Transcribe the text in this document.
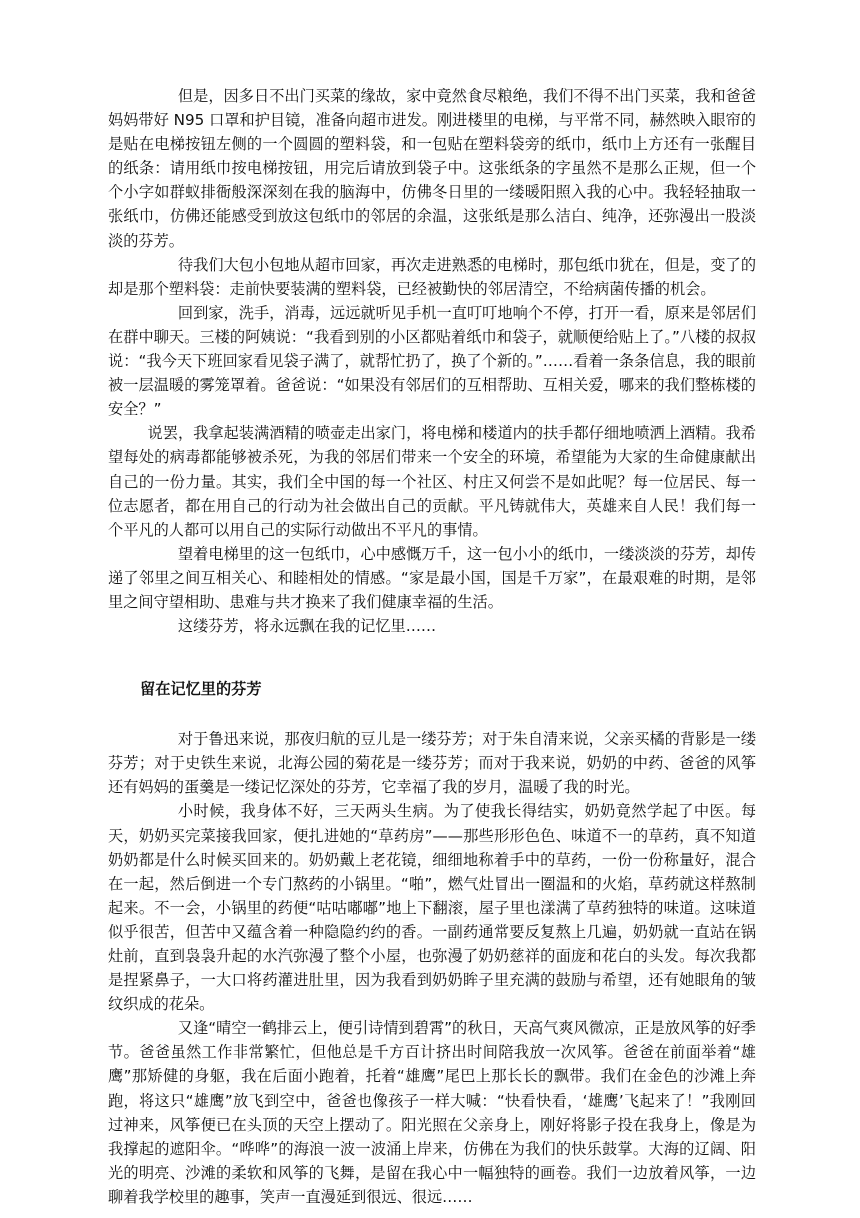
但是，因多日不出门买菜的缘故，家中竟然食尽粮绝，我们不得不出门买菜，我和爸爸妈妈带好 N95 口罩和护目镜，准备向超市进发。刚进楼里的电梯，与平常不同，赫然映入眼帘的是贴在电梯按钮左侧的一个圆圆的塑料袋，和一包贴在塑料袋旁的纸巾，纸巾上方还有一张醒目的纸条：请用纸巾按电梯按钮，用完后请放到袋子中。这张纸条的字虽然不是那么正规，但一个个小字如群蚁排衙般深深刻在我的脑海中，仿佛冬日里的一缕暖阳照入我的心中。我轻轻抽取一张纸巾，仿佛还能感受到放这包纸巾的邻居的余温，这张纸是那么洁白、纯净，还弥漫出一股淡淡的芬芳。

待我们大包小包地从超市回家，再次走进熟悉的电梯时，那包纸巾犹在，但是，变了的却是那个塑料袋：走前快要装满的塑料袋，已经被勤快的邻居清空，不给病菌传播的机会。

回到家，洗手，消毒，远远就听见手机一直叮叮地响个不停，打开一看，原来是邻居们在群中聊天。三楼的阿姨说：“我看到别的小区都贴着纸巾和袋子，就顺便给贴上了。”八楼的叔叔说：“我今天下班回家看见袋子满了，就帮忙扔了，换了个新的。”……看着一条条信息，我的眼前被一层温暖的雾笼罩着。爸爸说：“如果没有邻居们的互相帮助、互相关爱，哪来的我们整栋楼的安全？”

说罢，我拿起装满酒精的喷壶走出家门，将电梯和楼道内的扶手都仔细地喷洒上酒精。我希望每处的病毒都能够被杀死，为我的邻居们带来一个安全的环境，希望能为大家的生命健康献出自己的一份力量。其实，我们全中国的每一个社区、村庄又何尝不是如此呢？每一位居民、每一位志愿者，都在用自己的行动为社会做出自己的贡献。平凡铸就伟大，英雄来自人民！我们每一个平凡的人都可以用自己的实际行动做出不平凡的事情。

望着电梯里的这一包纸巾，心中感慨万千，这一包小小的纸巾，一缕淡淡的芬芳，却传递了邻里之间互相关心、和睦相处的情感。“家是最小国，国是千万家”，在最艰难的时期，是邻里之间守望相助、患难与共才换来了我们健康幸福的生活。

这缕芬芳，将永远飘在我的记忆里……

留在记忆里的芬芳

对于鲁迅来说，那夜归航的豆儿是一缕芬芳；对于朱自清来说，父亲买橘的背影是一缕芬芳；对于史铁生来说，北海公园的菊花是一缕芬芳；而对于我来说，奶奶的中药、爸爸的风筝还有妈妈的蛋羹是一缕记忆深处的芬芳，它幸福了我的岁月，温暖了我的时光。

小时候，我身体不好，三天两头生病。为了使我长得结实，奶奶竟然学起了中医。每天，奶奶买完菜接我回家，便扎进她的“草药房”——那些形形色色、味道不一的草药，真不知道奶奶都是什么时候买回来的。奶奶戴上老花镜，细细地称着手中的草药，一份一份称量好，混合在一起，然后倒进一个专门熬药的小锅里。“啪”，燃气灶冒出一圈温和的火焰，草药就这样熬制起来。不一会，小锅里的药便“咕咕嘟嘟”地上下翻滚，屋子里也漾满了草药独特的味道。这味道似乎很苦，但苦中又蕴含着一种隐隐约约的香。一副药通常要反复熬上几遍，奶奶就一直站在锅灶前，直到袅袅升起的水汽弥漫了整个小屋，也弥漫了奶奶慈祥的面庞和花白的头发。每次我都是捏紧鼻子，一大口将药灌进肚里，因为我看到奶奶眸子里充满的鼓励与希望，还有她眼角的皱纹织成的花朵。

又逢“晴空一鹤排云上，便引诗情到碧霄”的秋日，天高气爽风微凉，正是放风筝的好季节。爸爸虽然工作非常繁忙，但他总是千方百计挤出时间陪我放一次风筝。爸爸在前面举着“雄鹰”那矫健的身躯，我在后面小跑着，托着“雄鹰”尾巴上那长长的飘带。我们在金色的沙滩上奔跑，将这只“雄鹰”放飞到空中，爸爸也像孩子一样大喊：“快看快看，‘雄鹰’飞起来了！”我刚回过神来，风筝便已在头顶的天空上摆动了。阳光照在父亲身上，刚好将影子投在我身上，像是为我撑起的遮阳伞。“哗哗”的海浪一波一波涌上岸来，仿佛在为我们的快乐鼓掌。大海的辽阔、阳光的明亮、沙滩的柔软和风筝的飞舞，是留在我心中一幅独特的画卷。我们一边放着风筝，一边聊着我学校里的趣事，笑声一直漫延到很远、很远……
